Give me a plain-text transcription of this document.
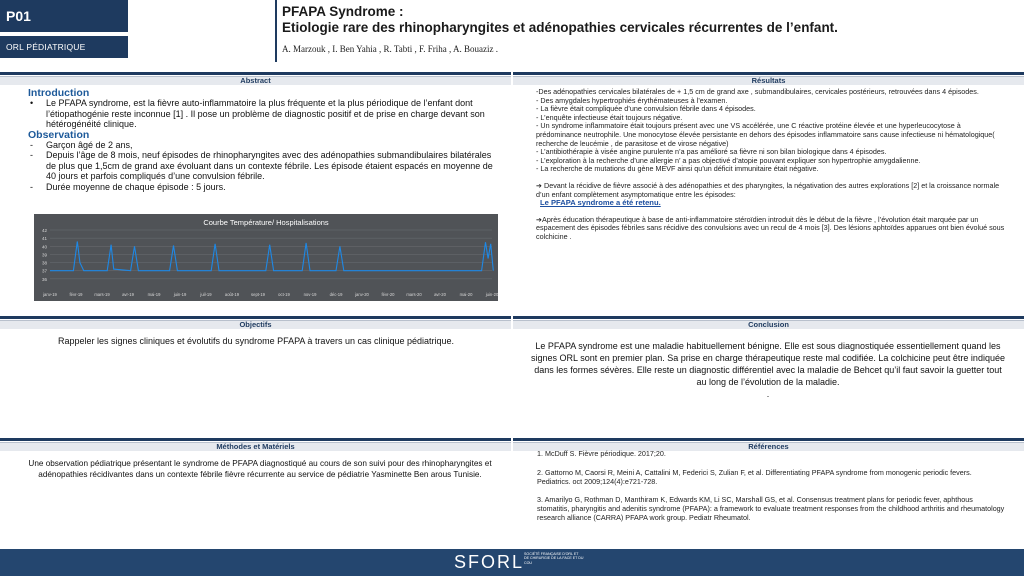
P01
ORL PÉDIATRIQUE
PFAPA Syndrome :
Etiologie rare des rhinopharyngites et adénopathies cervicales récurrentes de l’enfant.
A. Marzouk , I. Ben Yahia , R. Tabti , F. Friha , A. Bouaziz .
Abstract	Résultats
Objectifs	Conclusion
Méthodes et Matériels	Références
Introduction
• Le PFAPA syndrome, est la fièvre auto-inflammatoire la plus fréquente et la plus périodique de l’enfant dont l’étiopathogénie reste inconnue [1] . Il pose un problème de diagnostic positif et de prise en charge devant son hétérogénéité clinique.
Observation
- Garçon âgé de 2 ans,
- Depuis l’âge de 8 mois, neuf épisodes de rhinopharyngites avec des adénopathies submandibulaires bilatérales de plus que 1,5cm de grand axe évoluant dans un contexte fébrile. Les épisode étaient espacés en moyenne de 40 jours et parfois compliqués d’une convulsion fébrile.
- Durée moyenne de chaque épisode : 5 jours.
Courbe Température/ Hospitalisations
36
37
38
39
40
41
42
janv-19	févr-19	mars-19	avr-19	mai-19	juin-19	juil-19	août-19	sept-19	oct-19	nov-19	déc-19	janv-20	févr-20	mars-20	avr-20	mai-20	juin-20

-Des adénopathies cervicales bilatérales de + 1,5 cm de grand axe , submandibulaires, cervicales postérieurs, retrouvées dans 4 épisodes.

- Des amygdales hypertrophiés érythémateuses à l’examen.

- La fièvre était compliquée d’une convulsion fébrile dans 4 épisodes.

- L’enquête infectieuse était toujours négative.

- Un syndrome inflammatoire était toujours présent avec une VS accélérée, une C réactive protéine élevée et une hyperleucocytose à prédominance neutrophile. Une monocytose élevée persistante en dehors des épisodes inflammatoire sans cause infectieuse ni hématologique( recherche de leucémie , de parasitose et de virose négative)

- L’antibiothérapie à visée angine purulente n’a pas amélioré sa fièvre ni son bilan biologique dans 4 épisodes.

- L’exploration à la recherche d’une allergie n’ a pas objectivé d’atopie pouvant expliquer son hypertrophie amygdalienne.

- La recherche de mutations du gène MEVF ainsi qu’un déficit immunitaire était négative.

➔ Devant la récidive de fièvre associé à des adénopathies et des pharyngites, la négativation des autres explorations [2] et la croissance normale d’un enfant complètement asymptomatique entre les épisodes:

Le PFAPA syndrome a été retenu.

➔Après éducation thérapeutique à base de anti-inflammatoire stéroïdien introduit dès le début de la fièvre , l’évolution était marquée par un espacement des épisodes fébriles sans récidive des convulsions avec un recul de 4 mois [3]. Des lésions aphtoïdes apparues ont bien évolué sous colchicine .

Rappeler les signes cliniques et évolutifs du syndrome PFAPA à travers un cas clinique pédiatrique.	Le PFAPA syndrome est une maladie habituellement bénigne. Elle est sous diagnostiquée essentiellement quand les signes ORL sont en premier plan. Sa prise en charge thérapeutique reste mal codifiée. La colchicine peut être indiquée dans les formes sévères. Elle reste un diagnostic différentiel avec la maladie de Behcet qu’il faut savoir la guetter tout au long de l’évolution de la maladie.
.
Une observation pédiatrique présentant le syndrome de PFAPA diagnostiqué au cours de son suivi pour des rhinopharyngites et adénopathies récidivantes dans un contexte fébrile fièvre récurrente au service de pédiatrie Yasminette Ben arous Tunisie.

1. McDuff S. Fièvre périodique. 2017;20.

2. Gattorno M, Caorsi R, Meini A, Cattalini M, Federici S, Zulian F, et al. Differentiating PFAPA syndrome from monogenic periodic fevers. Pediatrics. oct 2009;124(4):e721-728.

3. Amarilyo G, Rothman D, Manthiram K, Edwards KM, Li SC, Marshall GS, et al. Consensus treatment plans for periodic fever, aphthous stomatitis, pharyngitis and adenitis syndrome (PFAPA): a framework to evaluate treatment responses from the childhood arthritis and rheumatology research alliance (CARRA) PFAPA work group. Pediatr Rheumatol.

SFORL SOCIÉTÉ FRANÇAISE D'ORL ET DE CHIRURGIE DE LA FACE ET DU COU
